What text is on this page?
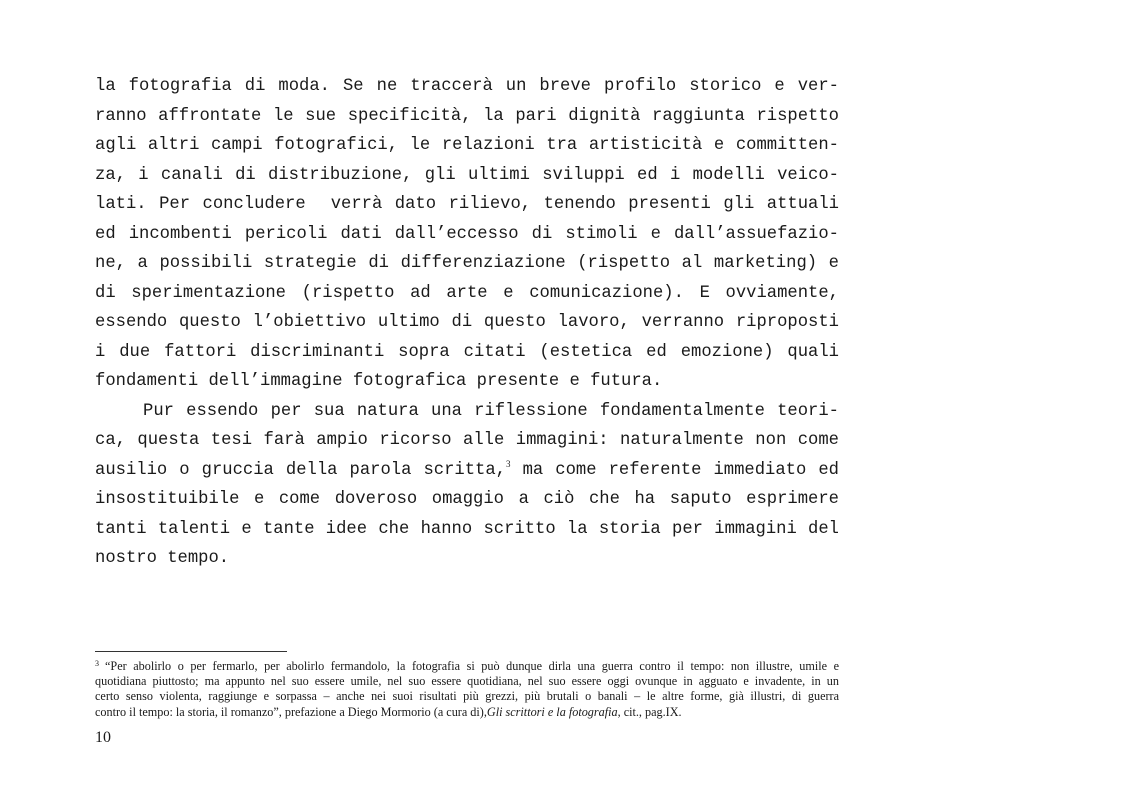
la fotografia di moda. Se ne traccerà un breve profilo storico e ver-
ranno affrontate le sue specificità, la pari dignità raggiunta rispetto
agli altri campi fotografici, le relazioni tra artisticità e committen-
za, i canali di distribuzione, gli ultimi sviluppi ed i modelli veico-
lati. Per concludere  verrà dato rilievo, tenendo presenti gli attuali
ed incombenti pericoli dati dall’eccesso di stimoli e dall’assuefazio-
ne, a possibili strategie di differenziazione (rispetto al marketing) e
di sperimentazione (rispetto ad arte e comunicazione). E ovviamente,
essendo questo l’obiettivo ultimo di questo lavoro, verranno riproposti
i due fattori discriminanti sopra citati (estetica ed emozione) quali
fondamenti dell’immagine fotografica presente e futura.
Pur essendo per sua natura una riflessione fondamentalmente teori-
ca, questa tesi farà ampio ricorso alle immagini: naturalmente non come
ausilio o gruccia della parola scritta,$^3$ ma come referente immediato ed
insostituibile e come doveroso omaggio a ciò che ha saputo esprimere
tanti talenti e tante idee che hanno scritto la storia per immagini del
nostro tempo.
$^3$ “Per abolirlo o per fermarlo, per abolirlo fermandolo, la fotografia si può dunque dirla una guerra contro il tempo: non illustre, umile e
quotidiana piuttosto; ma appunto nel suo essere umile, nel suo essere quotidiana, nel suo essere oggi ovunque in agguato e invadente, in un
certo senso violenta, raggiunge e sorpassa – anche nei suoi risultati più grezzi, più brutali o banali – le altre forme, già illustri, di guerra
contro il tempo: la storia, il romanzo”, prefazione a Diego Mormorio (a cura di),Gli scrittori e la fotografia, cit., pag.IX.
10
